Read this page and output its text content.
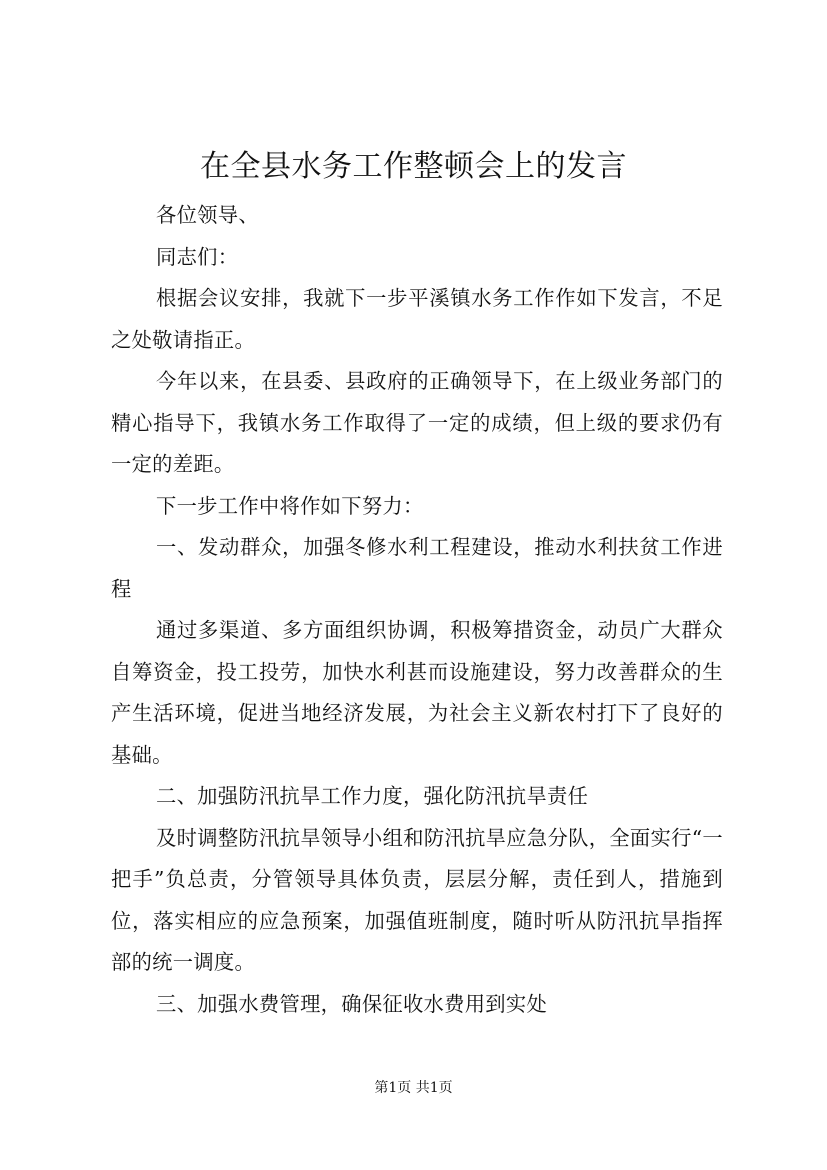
在全县水务工作整顿会上的发言

各位领导、

同志们：

根据会议安排，我就下一步平溪镇水务工作作如下发言，不足之处敬请指正。

今年以来，在县委、县政府的正确领导下，在上级业务部门的精心指导下，我镇水务工作取得了一定的成绩，但上级的要求仍有一定的差距。

下一步工作中将作如下努力：

一、发动群众，加强冬修水利工程建设，推动水利扶贫工作进程

通过多渠道、多方面组织协调，积极筹措资金，动员广大群众自筹资金，投工投劳，加快水利甚而设施建设，努力改善群众的生产生活环境，促进当地经济发展，为社会主义新农村打下了良好的基础。

二、加强防汛抗旱工作力度，强化防汛抗旱责任

及时调整防汛抗旱领导小组和防汛抗旱应急分队，全面实行“一把手”负总责，分管领导具体负责，层层分解，责任到人，措施到位，落实相应的应急预案，加强值班制度，随时听从防汛抗旱指挥部的统一调度。

三、加强水费管理，确保征收水费用到实处

第1页 共1页
